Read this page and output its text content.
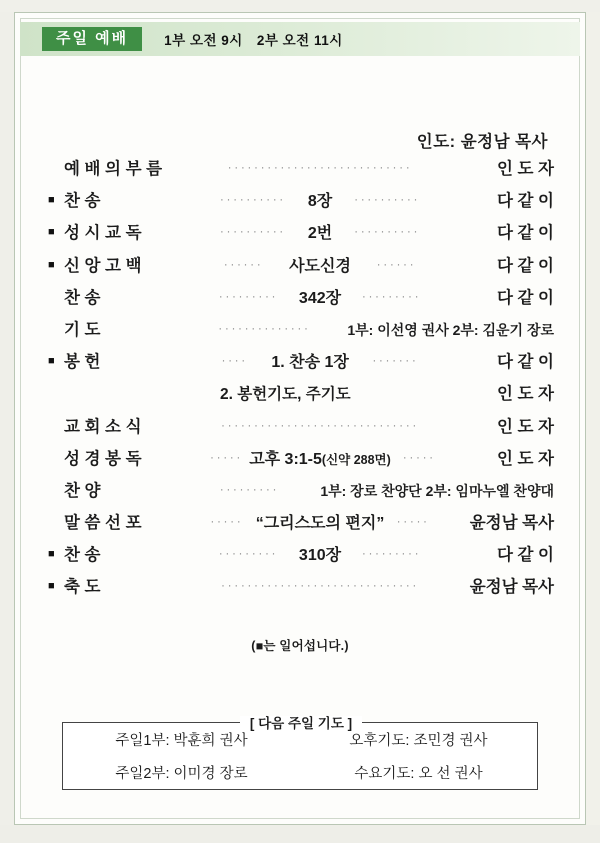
주일 예배	1부 오전 9시 2부 오전 11시
인도: 윤정남 목사
예 배 의 부 름	····························	인 도 자
■ 찬 송	··········	8장	··········	다 같 이
■ 성 시 교 독	··········	2번	··········	다 같 이
■ 신 앙 고 백	······	사도신경	······	다 같 이
찬 송	·········	342장	·········	다 같 이
기 도	··············	1부: 이선영 권사 2부: 김운기 장로
■ 봉 헌	····	1. 찬송 1장	·······	다 같 이
2. 봉헌기도, 주기도	인 도 자
교 회 소 식	······························	인 도 자
성 경 봉 독	····· 고후 3:1-5(신약 288면)	·····	인 도 자
찬 양	·········	1부: 장로 찬양단 2부: 임마누엘 찬양대
말 씀 선 포	····· “그리스도의 편지”	·····	윤정남 목사
■ 찬 송	·········	310장	·········	다 같 이
■ 축 도	······························	윤정남 목사
(■는 일어섭니다.)
[ 다음 주일 기도 ]
주일1부: 박훈희 권사	오후기도: 조민경 권사
주일2부: 이미경 장로	수요기도: 오 선 권사
